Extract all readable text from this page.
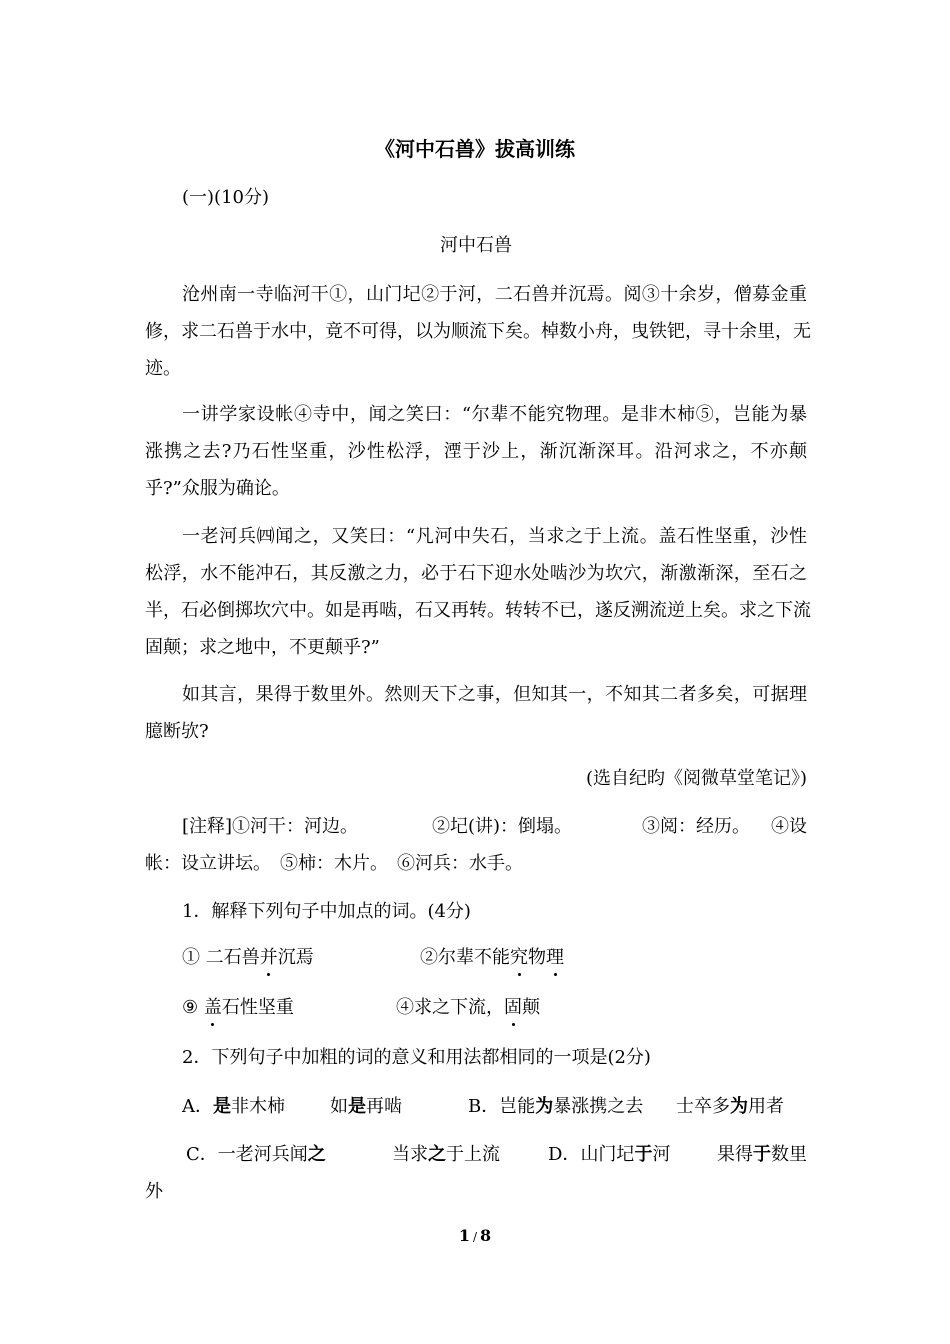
《河中石兽》拔高训练
(一)(10分)
河中石兽
沧州南一寺临河干①，山门圮②于河，二石兽并沉焉。阅③十余岁，僧募金重
修，求二石兽于水中，竟不可得，以为顺流下矣。棹数小舟，曳铁钯，寻十余里，无
迹。
一讲学家设帐④寺中，闻之笑曰：“尔辈不能究物理。是非木柿⑤，岂能为暴
涨携之去?乃石性坚重，沙性松浮，湮于沙上，渐沉渐深耳。沿河求之，不亦颠
乎?”众服为确论。
一老河兵㈣闻之，又笑曰：“凡河中失石，当求之于上流。盖石性坚重，沙性
松浮，水不能冲石，其反激之力，必于石下迎水处啮沙为坎穴，渐激渐深，至石之
半，石必倒掷坎穴中。如是再啮，石又再转。转转不已，遂反溯流逆上矣。求之下流
固颠；求之地中，不更颠乎?”
如其言，果得于数里外。然则天下之事，但知其一，不知其二者多矣，可据理
臆断欤?
(选自纪昀《阅微草堂笔记》)
[注释]①河干：河边。	②圮(讲)：倒塌。	③阅：经历。 ④设
帐：设立讲坛。　⑤柿：木片。　⑥河兵：水手。
1．解释下列句子中加点的词。(4分)
① 二石兽并沉焉	②尔辈不能究物理
⑨ 盖石性坚重	④求之下流，固颠
2．下列句子中加粗的词的意义和用法都相同的一项是(2分)
A．是非木柿	如是再啮	B．岂能为暴涨携之去 士卒多为用者
C．一老河兵闻之	当求之于上流	D．山门圮于河	果得于数里
外
1 / 8
